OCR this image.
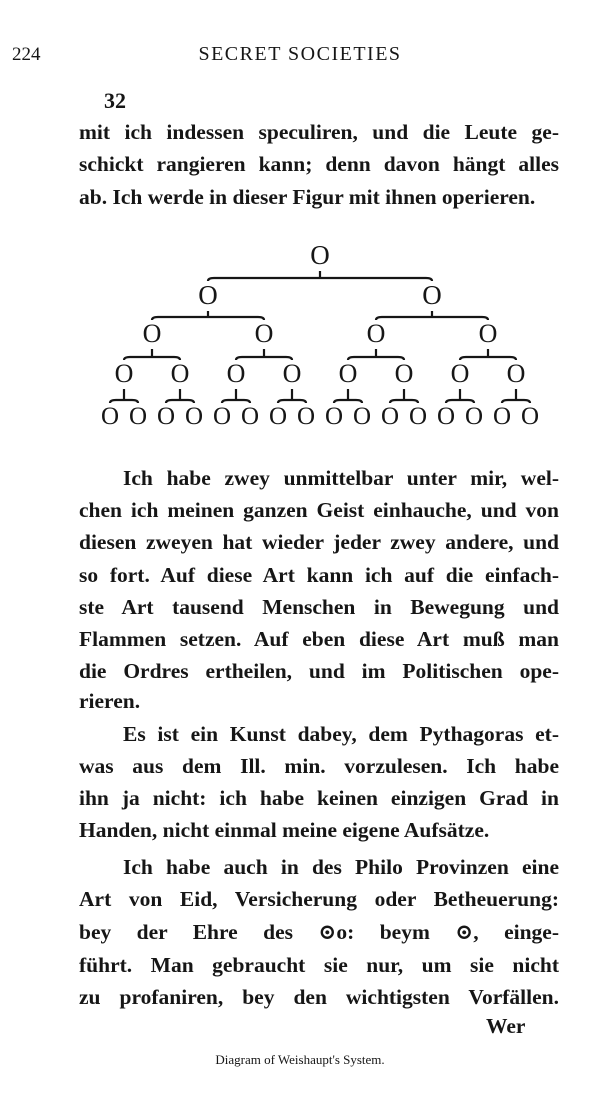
224	SECRET SOCIETIES
32
mit ich indessen speculiren, und die Leute ge-
schickt rangieren kann; denn davon hängt alles
ab. Ich werde in dieser Figur mit ihnen operieren.
O
O	O
O	O	O	O
O O O O O O O O
O O O O O O O O O O O O O O O O
Ich habe zwey unmittelbar unter mir, wel-
chen ich meinen ganzen Geist einhauche, und von
diesen zweyen hat wieder jeder zwey andere, und
so fort. Auf diese Art kann ich auf die einfach-
ste Art tausend Menschen in Bewegung und
Flammen setzen. Auf eben diese Art muß man
die Ordres ertheilen, und im Politischen ope-
rieren.
Es ist ein Kunst dabey, dem Pythagoras et-
was aus dem Ill. min. vorzulesen. Ich habe
ihn ja nicht: ich habe keinen einzigen Grad in
Handen, nicht einmal meine eigene Aufsätze.
Ich habe auch in des Philo Provinzen eine
Art von Eid, Versicherung oder Betheuerung:
bey der Ehre des ⊙o: beym ⊙, einge-
führt. Man gebraucht sie nur, um sie nicht
zu profaniren, bey den wichtigsten Vorfällen.
Wer
Diagram of Weishaupt's System.
